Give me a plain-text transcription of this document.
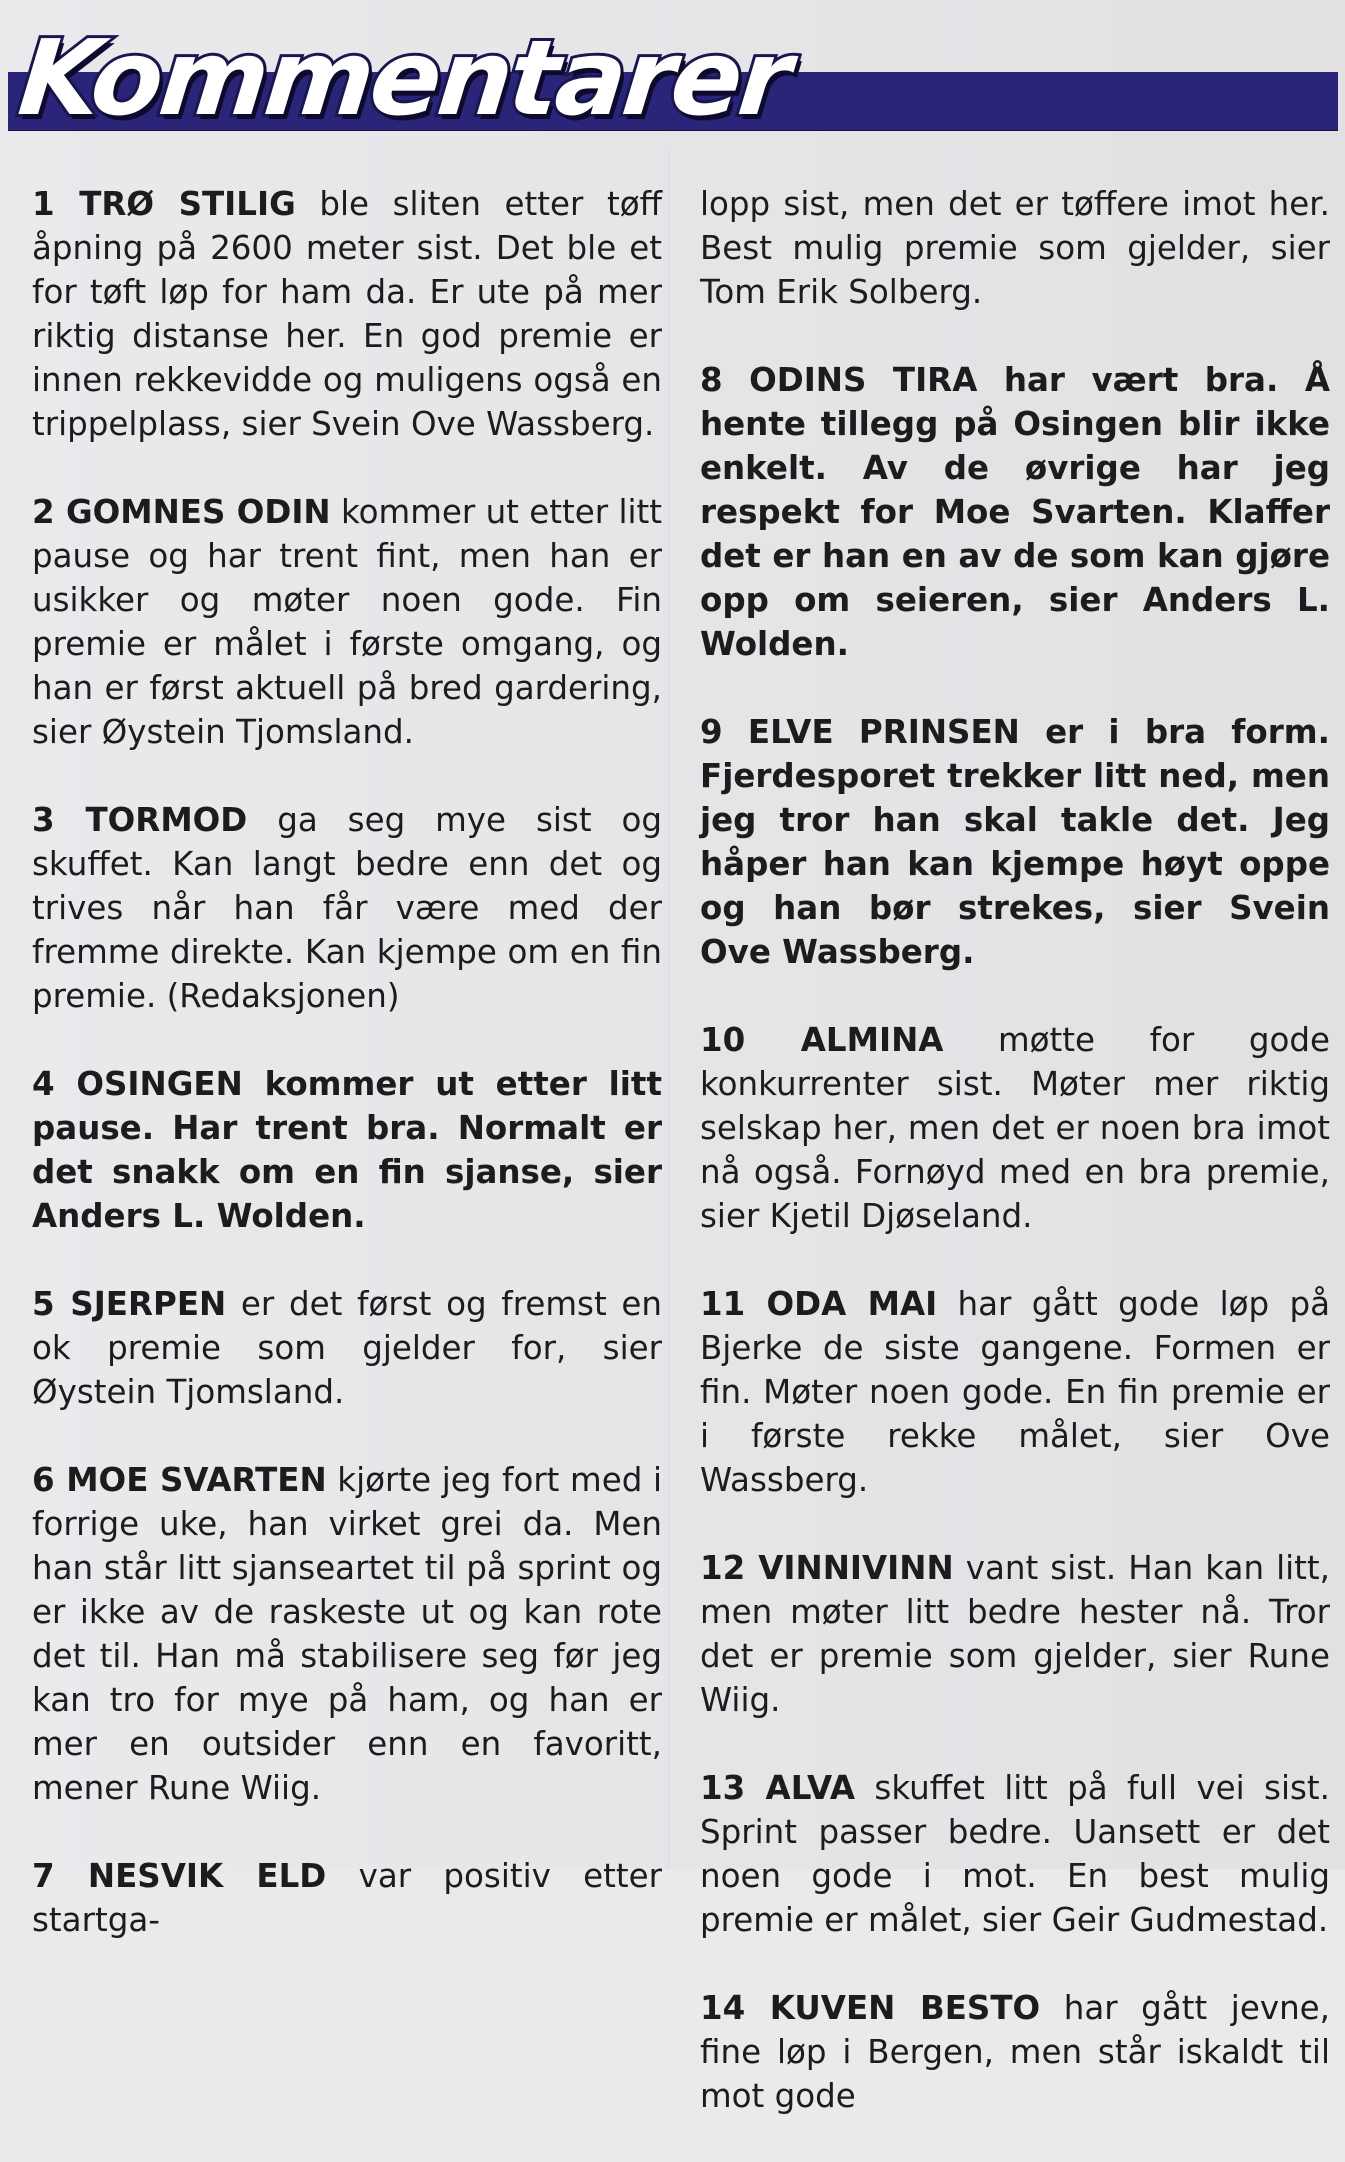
Kommentarer

1 TRØ STILIG ble sliten etter tøff åpning på 2600 meter sist. Det ble et for tøft løp for ham da. Er ute på mer riktig distanse her. En god premie er innen rekkevidde og muligens også en trippelplass, sier Svein Ove Wassberg.

2 GOMNES ODIN kommer ut etter litt pause og har trent fint, men han er usikker og møter noen gode. Fin premie er målet i første omgang, og han er først aktuell på bred gardering, sier Øystein Tjomsland.

3 TORMOD ga seg mye sist og skuffet. Kan langt bedre enn det og trives når han får være med der fremme direkte. Kan kjempe om en fin premie. (Redaksjonen)

4 OSINGEN kommer ut etter litt pause. Har trent bra. Normalt er det snakk om en fin sjanse, sier Anders L. Wolden.

5 SJERPEN er det først og fremst en ok premie som gjelder for, sier Øystein Tjomsland.

6 MOE SVARTEN kjørte jeg fort med i forrige uke, han virket grei da. Men han står litt sjanseartet til på sprint og er ikke av de raskeste ut og kan rote det til. Han må stabilisere seg før jeg kan tro for mye på ham, og han er mer en outsider enn en favoritt, mener Rune Wiig.

7 NESVIK ELD var positiv etter startga-

lopp sist, men det er tøffere imot her. Best mulig premie som gjelder, sier Tom Erik Solberg.

8 ODINS TIRA har vært bra. Å hente tillegg på Osingen blir ikke enkelt. Av de øvrige har jeg respekt for Moe Svarten. Klaffer det er han en av de som kan gjøre opp om seieren, sier Anders L. Wolden.

9 ELVE PRINSEN er i bra form. Fjerdesporet trekker litt ned, men jeg tror han skal takle det. Jeg håper han kan kjempe høyt oppe og han bør strekes, sier Svein Ove Wassberg.

10 ALMINA møtte for gode konkurrenter sist. Møter mer riktig selskap her, men det er noen bra imot nå også. Fornøyd med en bra premie, sier Kjetil Djøseland.

11 ODA MAI har gått gode løp på Bjerke de siste gangene. Formen er fin. Møter noen gode. En fin premie er i første rekke målet, sier Ove Wassberg.

12 VINNIVINN vant sist. Han kan litt, men møter litt bedre hester nå. Tror det er premie som gjelder, sier Rune Wiig.

13 ALVA skuffet litt på full vei sist. Sprint passer bedre. Uansett er det noen gode i mot. En best mulig premie er målet, sier Geir Gudmestad.

14 KUVEN BESTO har gått jevne, fine løp i Bergen, men står iskaldt til mot gode
